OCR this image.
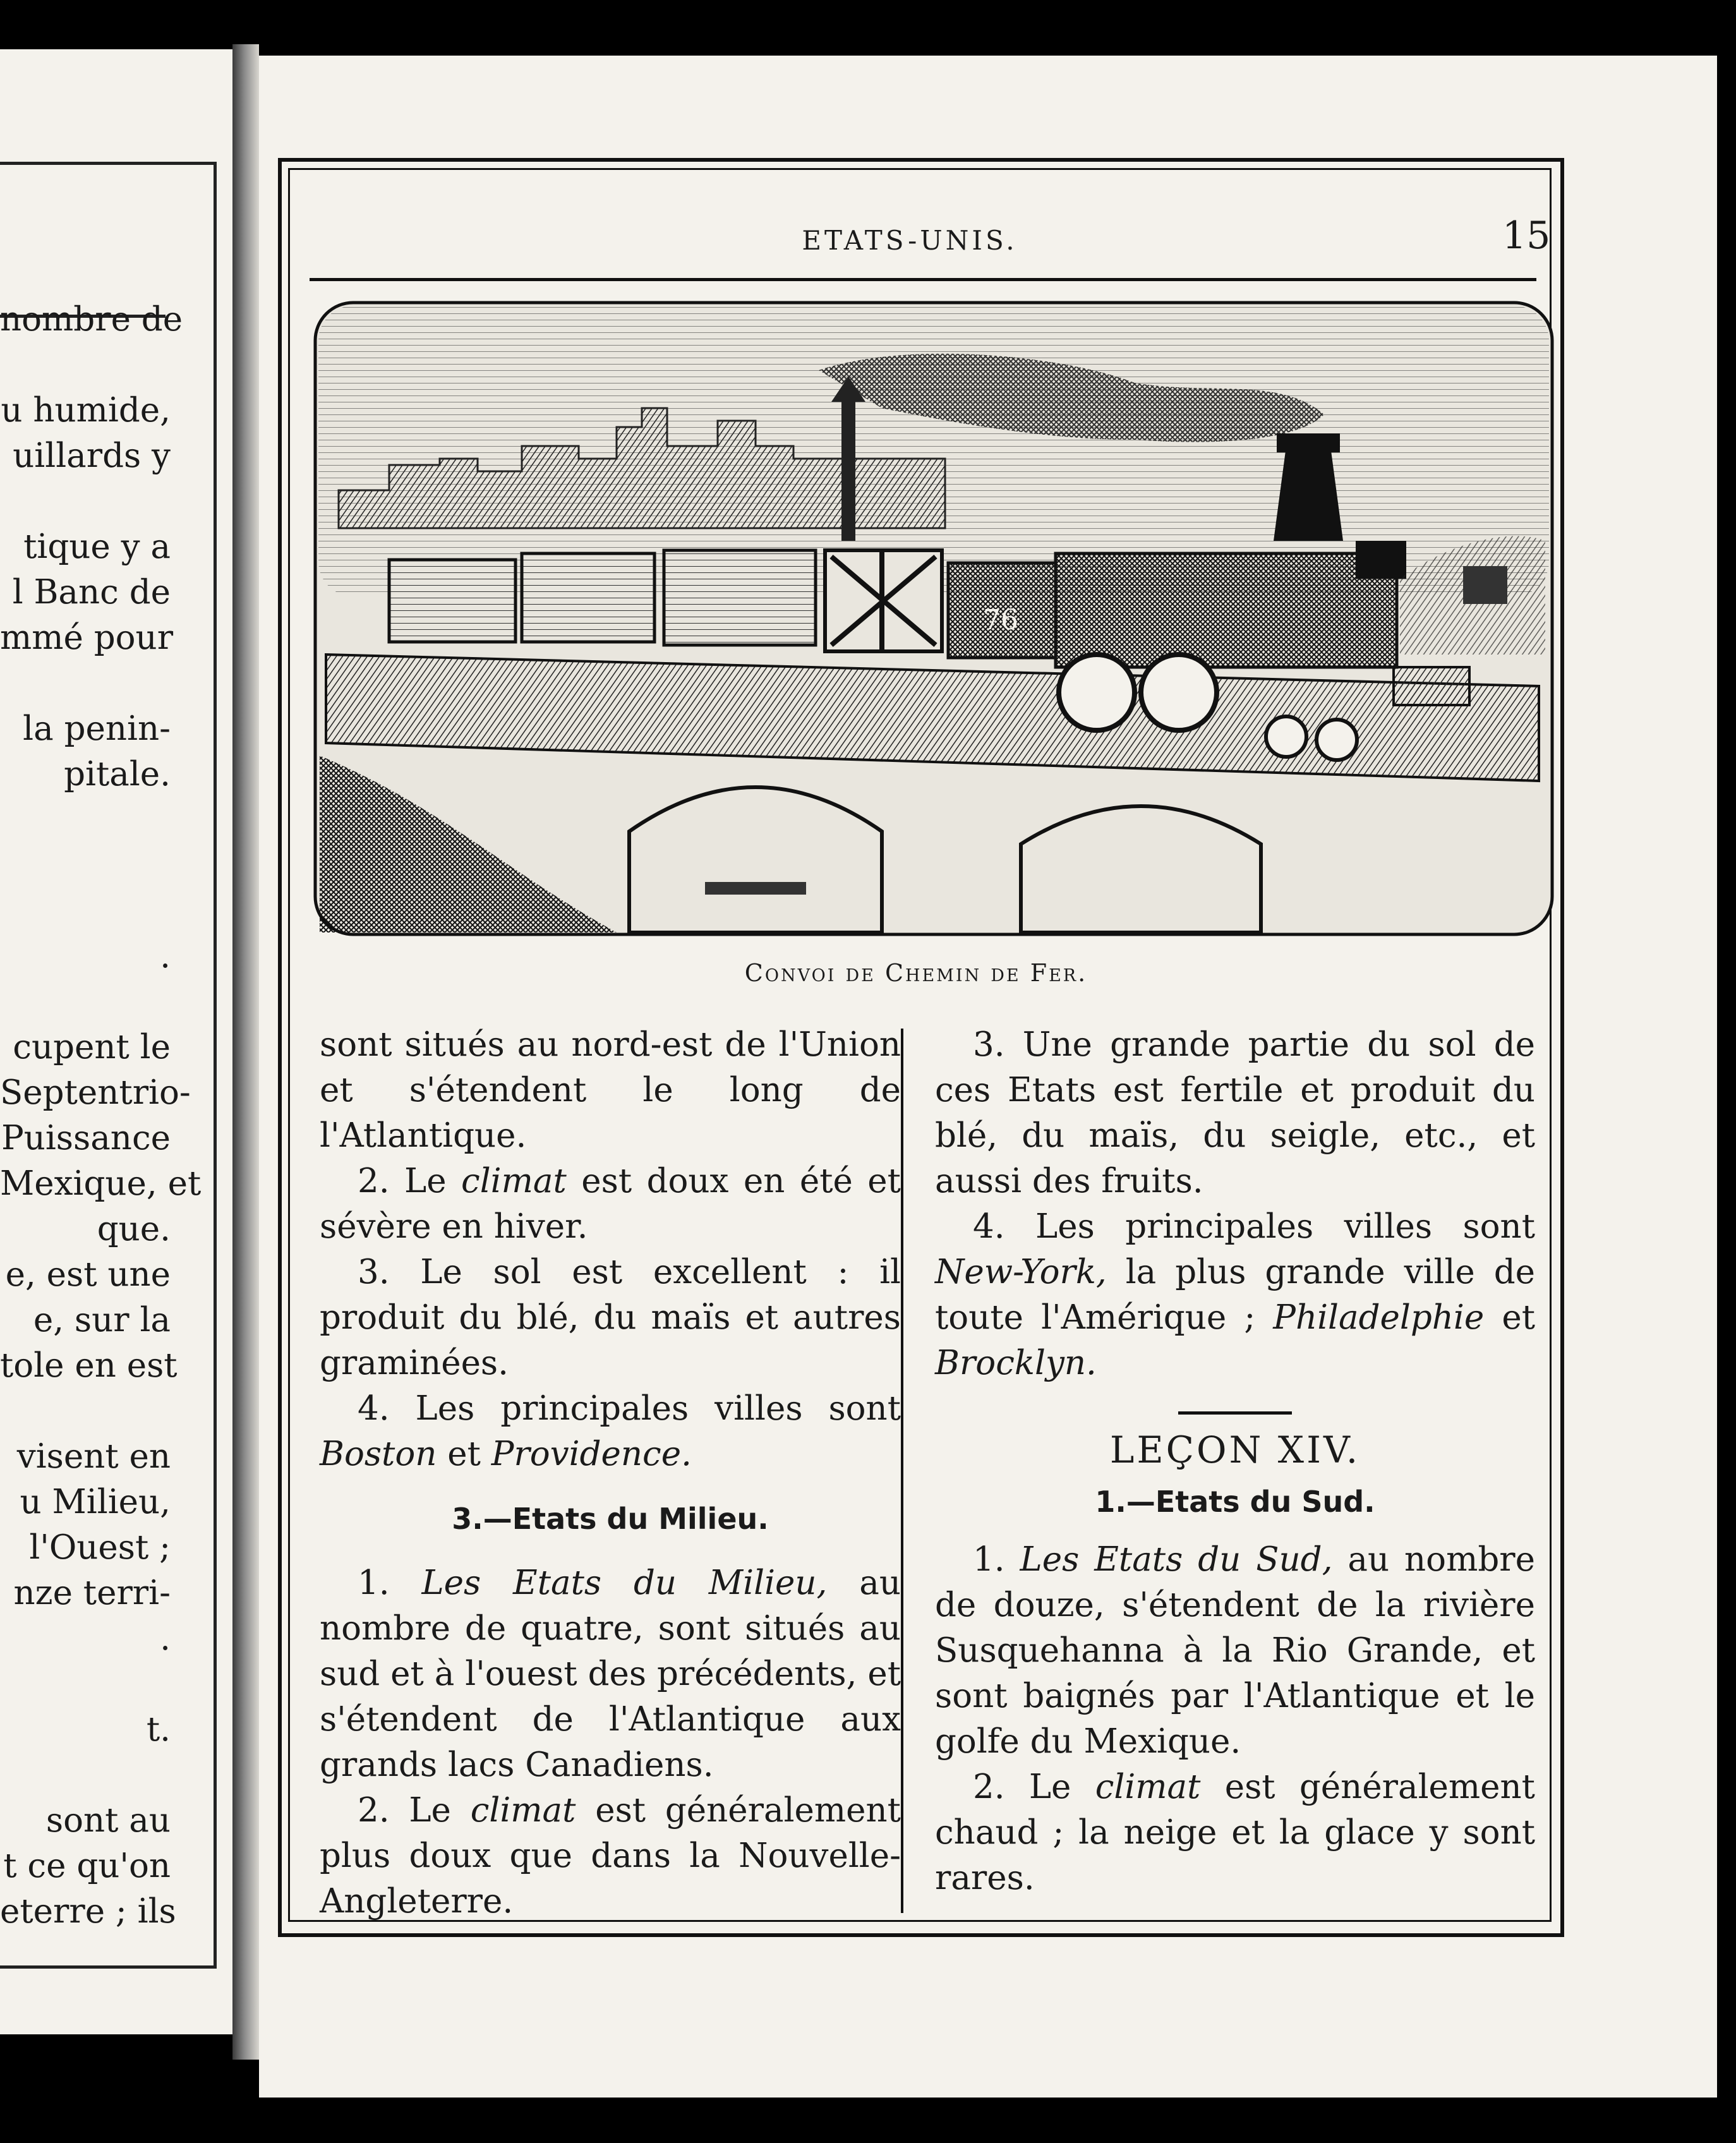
nombre de
u humide,
uillards y
tique y a
l Banc de
mmé pour
la penin-
pitale.
.
cupent le
Septentrio-
Puissance
Mexique, et
que.
e, est une
e, sur la
tole en est
visent en
u Milieu,
l'Ouest ;
nze terri-
.
t.
sont au
t ce qu'on
eterre ; ils
ETATS-UNIS.	15
76
Convoi de Chemin de Fer.

sont situés au nord-est de l'Union et s'étendent le long de l'Atlantique.

2. Le climat est doux en été et sévère en hiver.

3. Le sol est excellent : il produit du blé, du maïs et autres graminées.

4. Les principales villes sont Boston et Providence.

3.—Etats du Milieu.

1. Les Etats du Milieu, au nombre de quatre, sont situés au sud et à l'ouest des précédents, et s'étendent de l'Atlantique aux grands lacs Canadiens.

2. Le climat est généralement plus doux que dans la Nouvelle-Angleterre.

3. Une grande partie du sol de ces Etats est fertile et produit du blé, du maïs, du seigle, etc., et aussi des fruits.

4. Les principales villes sont New-York, la plus grande ville de toute l'Amérique ; Philadelphie et Brocklyn.

LEÇON XIV.

1.—Etats du Sud.

1. Les Etats du Sud, au nombre de douze, s'étendent de la rivière Susquehanna à la Rio Grande, et sont baignés par l'Atlantique et le golfe du Mexique.

2. Le climat est généralement chaud ; la neige et la glace y sont rares.
